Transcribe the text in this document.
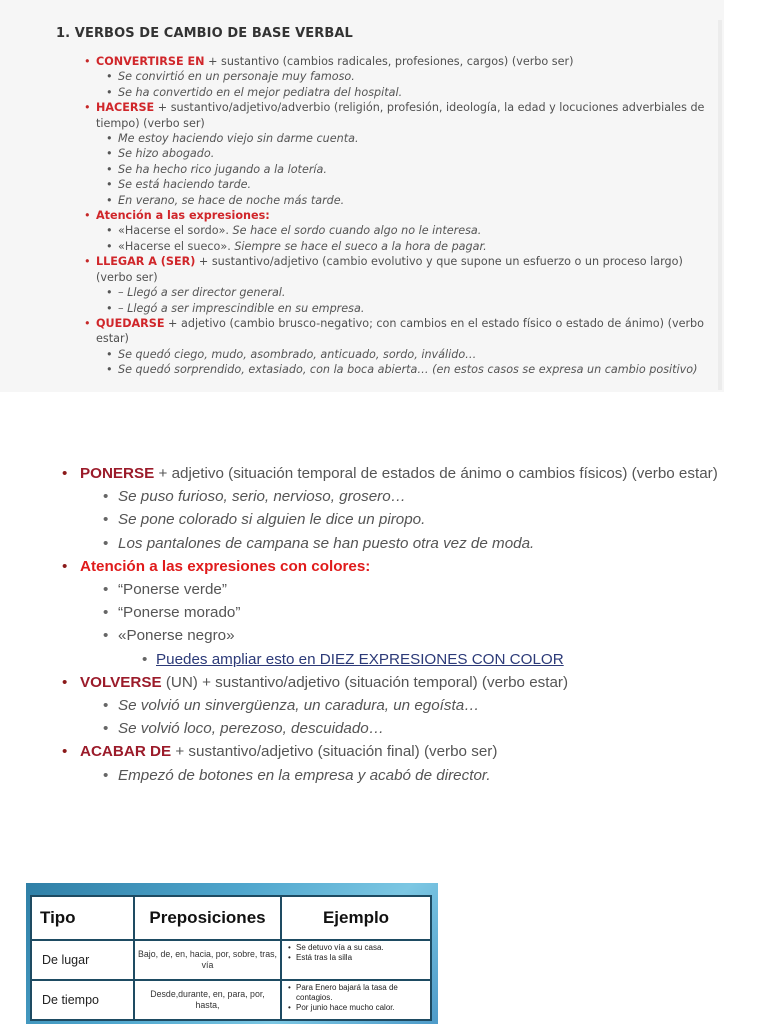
1. VERBOS DE CAMBIO DE BASE VERBAL
• CONVERTIRSE EN + sustantivo (cambios radicales, profesiones, cargos) (verbo ser)
• Se convirtió en un personaje muy famoso.
• Se ha convertido en el mejor pediatra del hospital.
• HACERSE + sustantivo/adjetivo/adverbio (religión, profesión, ideología, la edad y locuciones adverbiales de tiempo) (verbo ser)
• Me estoy haciendo viejo sin darme cuenta.
• Se hizo abogado.
• Se ha hecho rico jugando a la lotería.
• Se está haciendo tarde.
• En verano, se hace de noche más tarde.
• Atención a las expresiones:
• «Hacerse el sordo». Se hace el sordo cuando algo no le interesa.
• «Hacerse el sueco». Siempre se hace el sueco a la hora de pagar.
• LLEGAR A (SER) + sustantivo/adjetivo (cambio evolutivo y que supone un esfuerzo o un proceso largo) (verbo ser)
• – Llegó a ser director general.
• – Llegó a ser imprescindible en su empresa.
• QUEDARSE + adjetivo (cambio brusco-negativo; con cambios en el estado físico o estado de ánimo) (verbo estar)
• Se quedó ciego, mudo, asombrado, anticuado, sordo, inválido…
• Se quedó sorprendido, extasiado, con la boca abierta… (en estos casos se expresa un cambio positivo)
• PONERSE + adjetivo (situación temporal de estados de ánimo o cambios físicos) (verbo estar)
• Se puso furioso, serio, nervioso, grosero…
• Se pone colorado si alguien le dice un piropo.
• Los pantalones de campana se han puesto otra vez de moda.
• Atención a las expresiones con colores:
• “Ponerse verde”
• “Ponerse morado”
• «Ponerse negro»
• Puedes ampliar esto en DIEZ EXPRESIONES CON COLOR
• VOLVERSE (UN) + sustantivo/adjetivo (situación temporal) (verbo estar)
• Se volvió un sinvergüenza, un caradura, un egoísta…
• Se volvió loco, perezoso, descuidado…
• ACABAR DE + sustantivo/adjetivo (situación final) (verbo ser)
• Empezó de botones en la empresa y acabó de director.
Tipo	Preposiciones	Ejemplo
De lugar	Bajo, de, en, hacia, por, sobre, tras, vía	• Se detuvo vía a su casa.
• Está tras la silla

De tiempo	Desde,durante, en, para, por, hasta,	• Para Enero bajará la tasa de contagios.
• Por junio hace mucho calor.
